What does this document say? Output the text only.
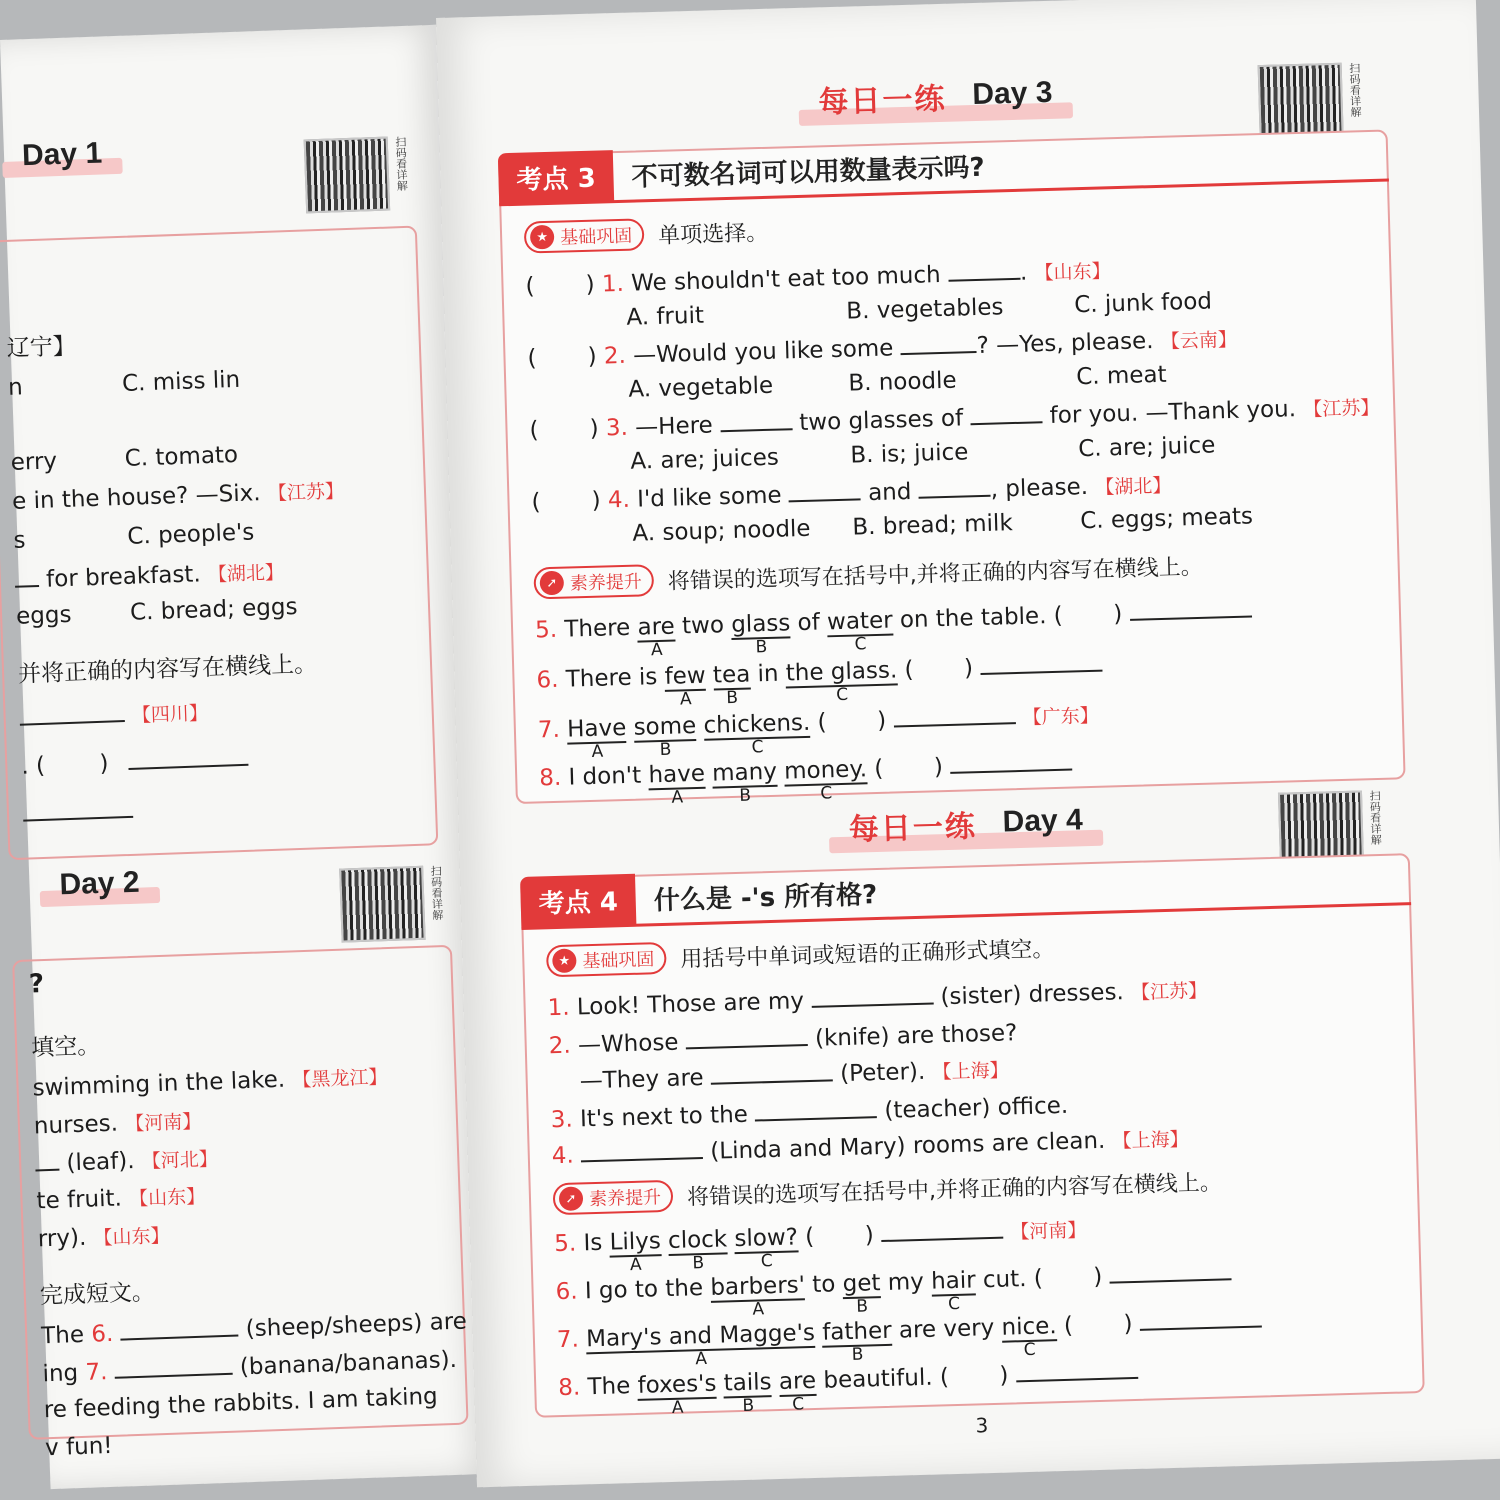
Day 1	扫码看详解
辽宁】
n	C. miss lin
erry	C. tomato
e in the house? —Six. 【江苏】
s	C. people's
for breakfast. 【湖北】
eggs	C. bread; eggs
并将正确的内容写在横线上。
【四川】
. ( )
Day 2	扫码看详解
?
填空。
swimming in the lake. 【黑龙江】
nurses. 【河南】
(leaf). 【河北】
te fruit. 【山东】
rry). 【山东】
完成短文。
The 6.	(sheep/sheeps) are
ing 7.	(banana/bananas).
re feeding the rabbits. I am taking
v fun!
每日一练 Day 3	扫码看详解
考点 3	不可数名词可以用数量表示吗?
★ 基础巩固 单项选择。
(       ) 1. We shouldn't eat too much	. 【山东】
A. fruit	B. vegetables	C. junk food
(       ) 2. —Would you like some	? —Yes, please. 【云南】
A. vegetable	B. noodle	C. meat
(       ) 3. —Here	two glasses of	for you. —Thank you. 【江苏】
A. are; juices	B. is; juice	C. are; juice
(       ) 4. I'd like some	and	, please. 【湖北】
A. soup; noodle B. bread; milk	C. eggs; meats
➚ 素养提升 将错误的选项写在括号中,并将正确的内容写在横线上。
5. There are
A
two glass
B
of water
C
on the table. ( )
6. There is few
A
tea
B
in the glass.
C
( )
7. Have
A
some
B
chickens.
C
( )	【广东】
8. I don't have
A
many
B
money.
C
( )
每日一练 Day 4	扫码看详解
考点 4	什么是 -'s 所有格?
★ 基础巩固 用括号中单词或短语的正确形式填空。
1. Look! Those are my	(sister) dresses. 【江苏】
2. —Whose	(knife) are those?
—They are	(Peter). 【上海】
3. It's next to the	(teacher) office.
4.	(Linda and Mary) rooms are clean. 【上海】
➚ 素养提升 将错误的选项写在括号中,并将正确的内容写在横线上。
5. Is Lilys
A
clock
B
slow?
C
( )	【河南】
6. I go to the barbers'
A
to get
B
my hair
C
cut. ( )
7. Mary's and Magge's
A
father
B
are very nice.
C
( )
8. The foxes's
A
tails
B
are
C
beautiful. ( )
3
